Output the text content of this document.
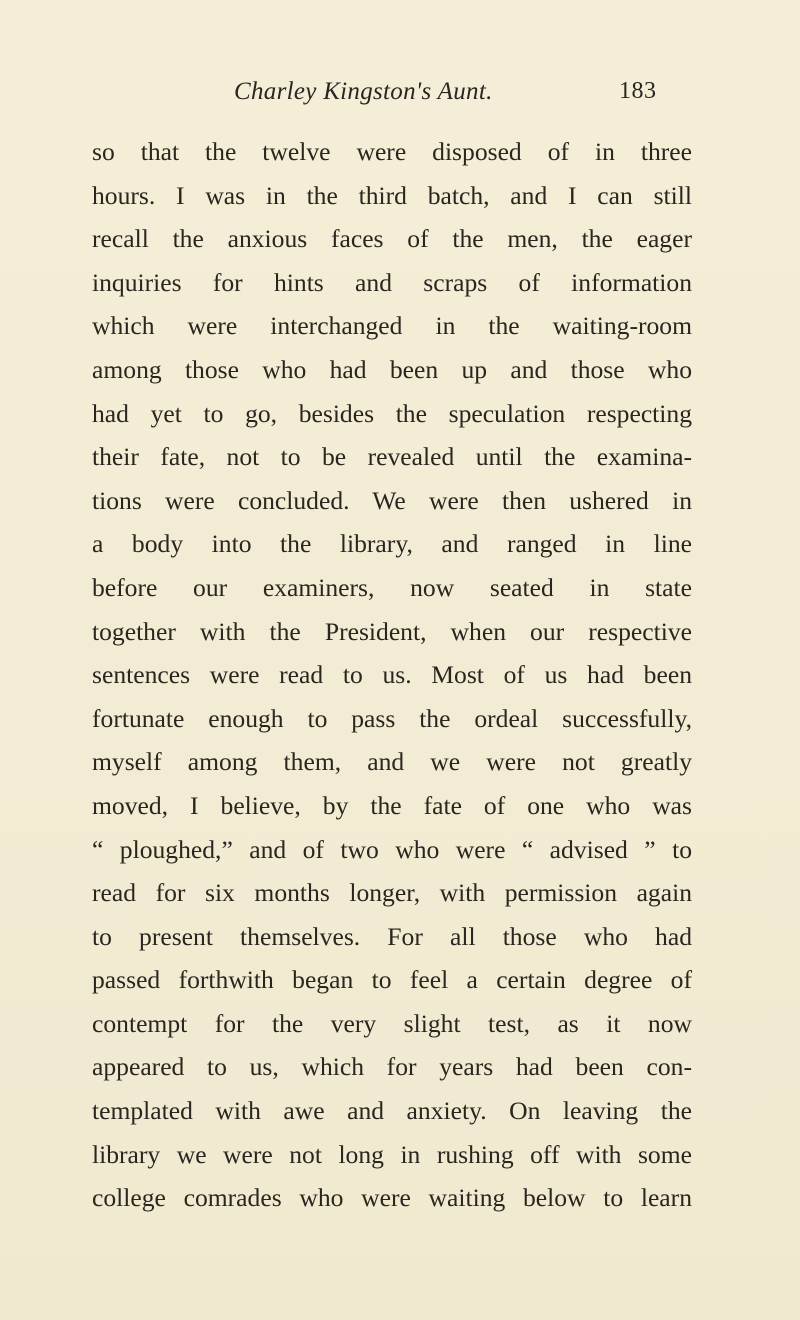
Charley Kingston's Aunt.	183
so that the twelve were disposed of in three
hours. I was in the third batch, and I can still
recall the anxious faces of the men, the eager
inquiries for hints and scraps of information
which were interchanged in the waiting-room
among those who had been up and those who
had yet to go, besides the speculation respecting
their fate, not to be revealed until the examina-
tions were concluded. We were then ushered in
a body into the library, and ranged in line
before our examiners, now seated in state
together with the President, when our respective
sentences were read to us. Most of us had been
fortunate enough to pass the ordeal successfully,
myself among them, and we were not greatly
moved, I believe, by the fate of one who was
“ ploughed,” and of two who were “ advised ” to
read for six months longer, with permission again
to present themselves. For all those who had
passed forthwith began to feel a certain degree of
contempt for the very slight test, as it now
appeared to us, which for years had been con-
templated with awe and anxiety. On leaving the
library we were not long in rushing off with some
college comrades who were waiting below to learn
